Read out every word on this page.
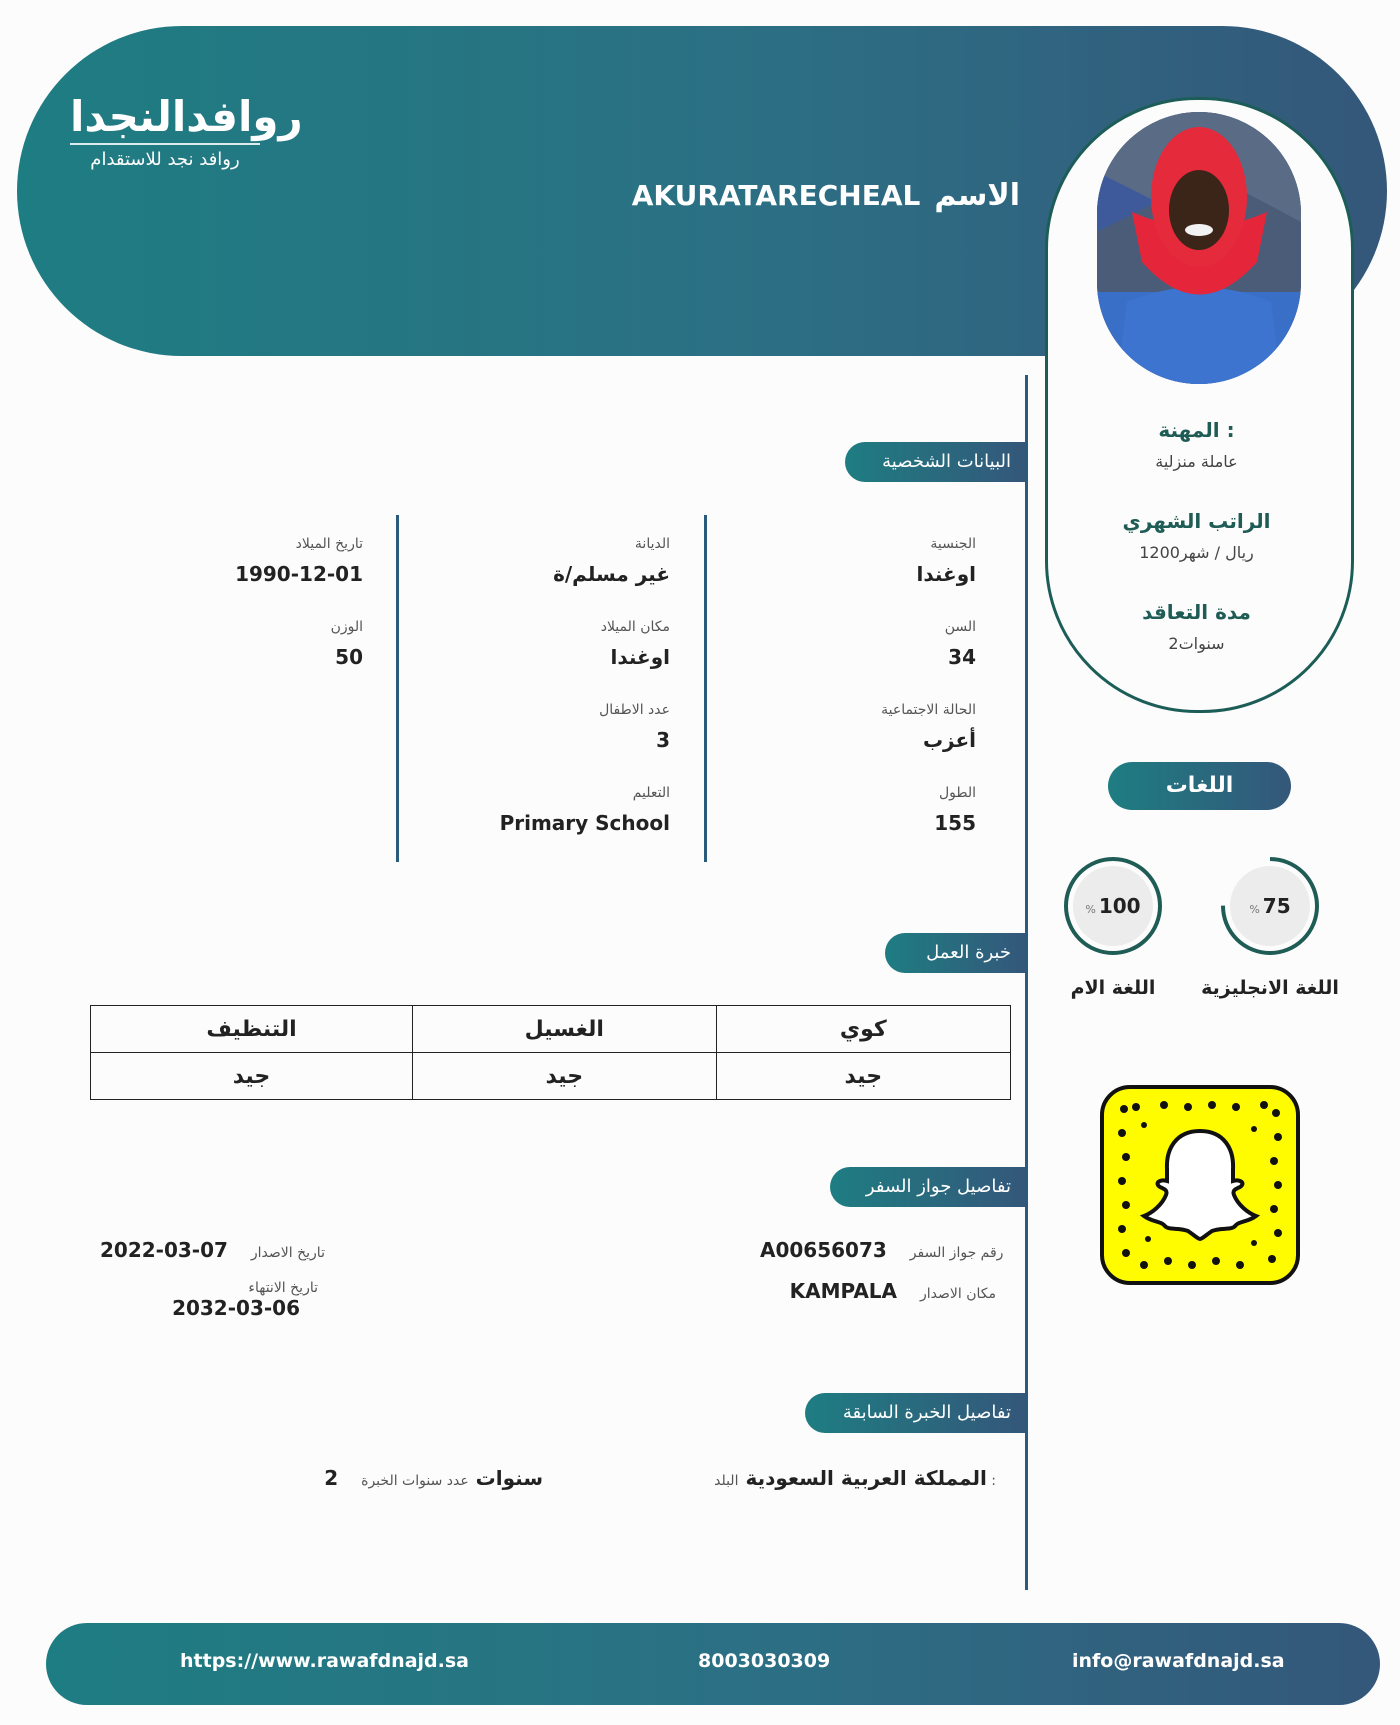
روافدالنجدا
روافد نجد للاستقدام
الاسمAKURATARECHEAL
المهنة :
عاملة منزلية
الراتب الشهري
1200ريال / شهر
مدة التعاقد
2سنوات
اللغات
% 75
اللغة الانجليزية
% 100
اللغة الام
البيانات الشخصية
الجنسية
اوغندا
السن
34
الحالة الاجتماعية
أعزب
الطول
155
الديانة
غير مسلم/ة
مكان الميلاد
اوغندا
عدد الاطفال
3
التعليم
Primary School
تاريخ الميلاد
1990-12-01
الوزن
50
خبرة العمل
التنظيف	الغسيل	كوي
جيد	جيد	جيد
تفاصيل جواز السفر
A00656073 رقم جواز السفر
KAMPALA مكان الاصدار
2022-03-07 تاريخ الاصدار
تاريخ الانتهاء
2032-03-06
تفاصيل الخبرة السابقة
المملكة العربية السعودية البلد :
2 سنوات عدد سنوات الخبرة
https://www.rawafdnajd.sa	8003030309	info@rawafdnajd.sa
